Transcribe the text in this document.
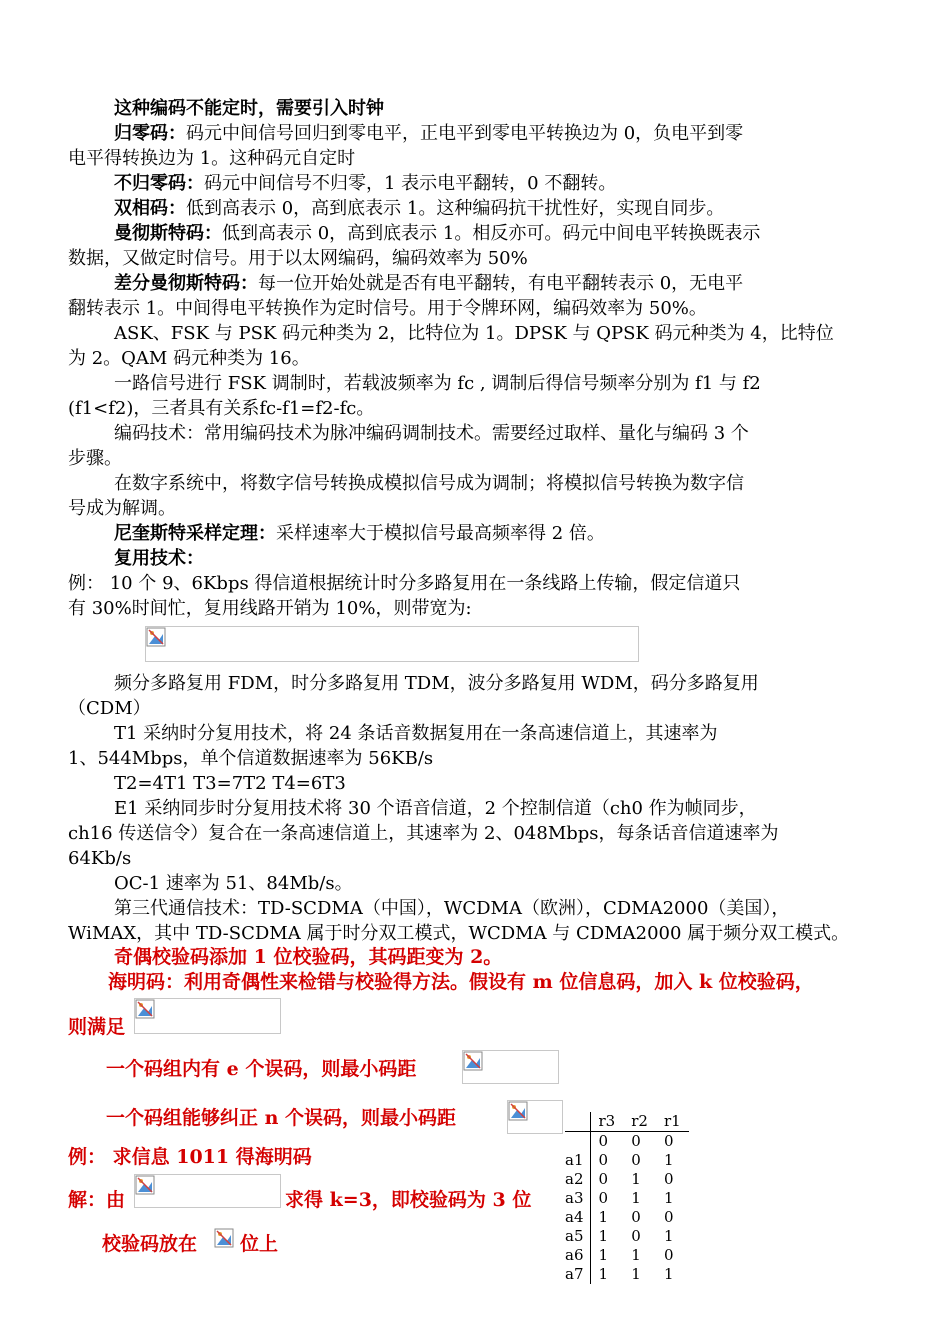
这种编码不能定时，需要引入时钟
归零码：码元中间信号回归到零电平，正电平到零电平转换边为 0，负电平到零
电平得转换边为 1。这种码元自定时
不归零码：码元中间信号不归零，1 表示电平翻转，0 不翻转。
双相码：低到高表示 0，高到底表示 1。这种编码抗干扰性好，实现自同步。
曼彻斯特码：低到高表示 0，高到底表示 1。相反亦可。码元中间电平转换既表示
数据，又做定时信号。用于以太网编码，编码效率为 50%
差分曼彻斯特码：每一位开始处就是否有电平翻转，有电平翻转表示 0，无电平
翻转表示 1。中间得电平转换作为定时信号。用于令牌环网，编码效率为 50%。
ASK、FSK 与 PSK 码元种类为 2，比特位为 1。DPSK 与 QPSK 码元种类为 4，比特位
为 2。QAM 码元种类为 16。
一路信号进行 FSK 调制时，若载波频率为 fc , 调制后得信号频率分别为 f1 与 f2
(f1<f2)，三者具有关系fc-f1=f2-fc。
编码技术：常用编码技术为脉冲编码调制技术。需要经过取样、量化与编码 3 个
步骤。
在数字系统中，将数字信号转换成模拟信号成为调制；将模拟信号转换为数字信
号成为解调。
尼奎斯特采样定理：采样速率大于模拟信号最高频率得 2 倍。
复用技术：
例： 10 个 9、6Kbps 得信道根据统计时分多路复用在一条线路上传输，假定信道只
有 30%时间忙，复用线路开销为 10%，则带宽为:
频分多路复用 FDM，时分多路复用 TDM，波分多路复用 WDM，码分多路复用
（CDM）
T1 采纳时分复用技术，将 24 条话音数据复用在一条高速信道上，其速率为
1、544Mbps，单个信道数据速率为 56KB/s
T2=4T1 T3=7T2 T4=6T3
E1 采纳同步时分复用技术将 30 个语音信道，2 个控制信道（ch0 作为帧同步，
ch16 传送信令）复合在一条高速信道上，其速率为 2、048Mbps，每条话音信道速率为
64Kb/s
OC-1 速率为 51、84Mb/s。
第三代通信技术：TD-SCDMA（中国），WCDMA（欧洲），CDMA2000（美国），
WiMAX，其中 TD-SCDMA 属于时分双工模式，WCDMA 与 CDMA2000 属于频分双工模式。
奇偶校验码添加 1 位校验码，其码距变为 2。
海明码：利用奇偶性来检错与校验得方法。假设有 m 位信息码，加入 k 位校验码，
则满足
一个码组内有 e 个误码，则最小码距
一个码组能够纠正 n 个误码，则最小码距
例： 求信息 1011 得海明码
解：由	求得 k=3，即校验码为 3 位
校验码放在	位上
	r3	r2	r1
	0	0	0
a1	0	0	1
a2	0	1	0
a3	0	1	1
a4	1	0	0
a5	1	0	1
a6	1	1	0
a7	1	1	1
